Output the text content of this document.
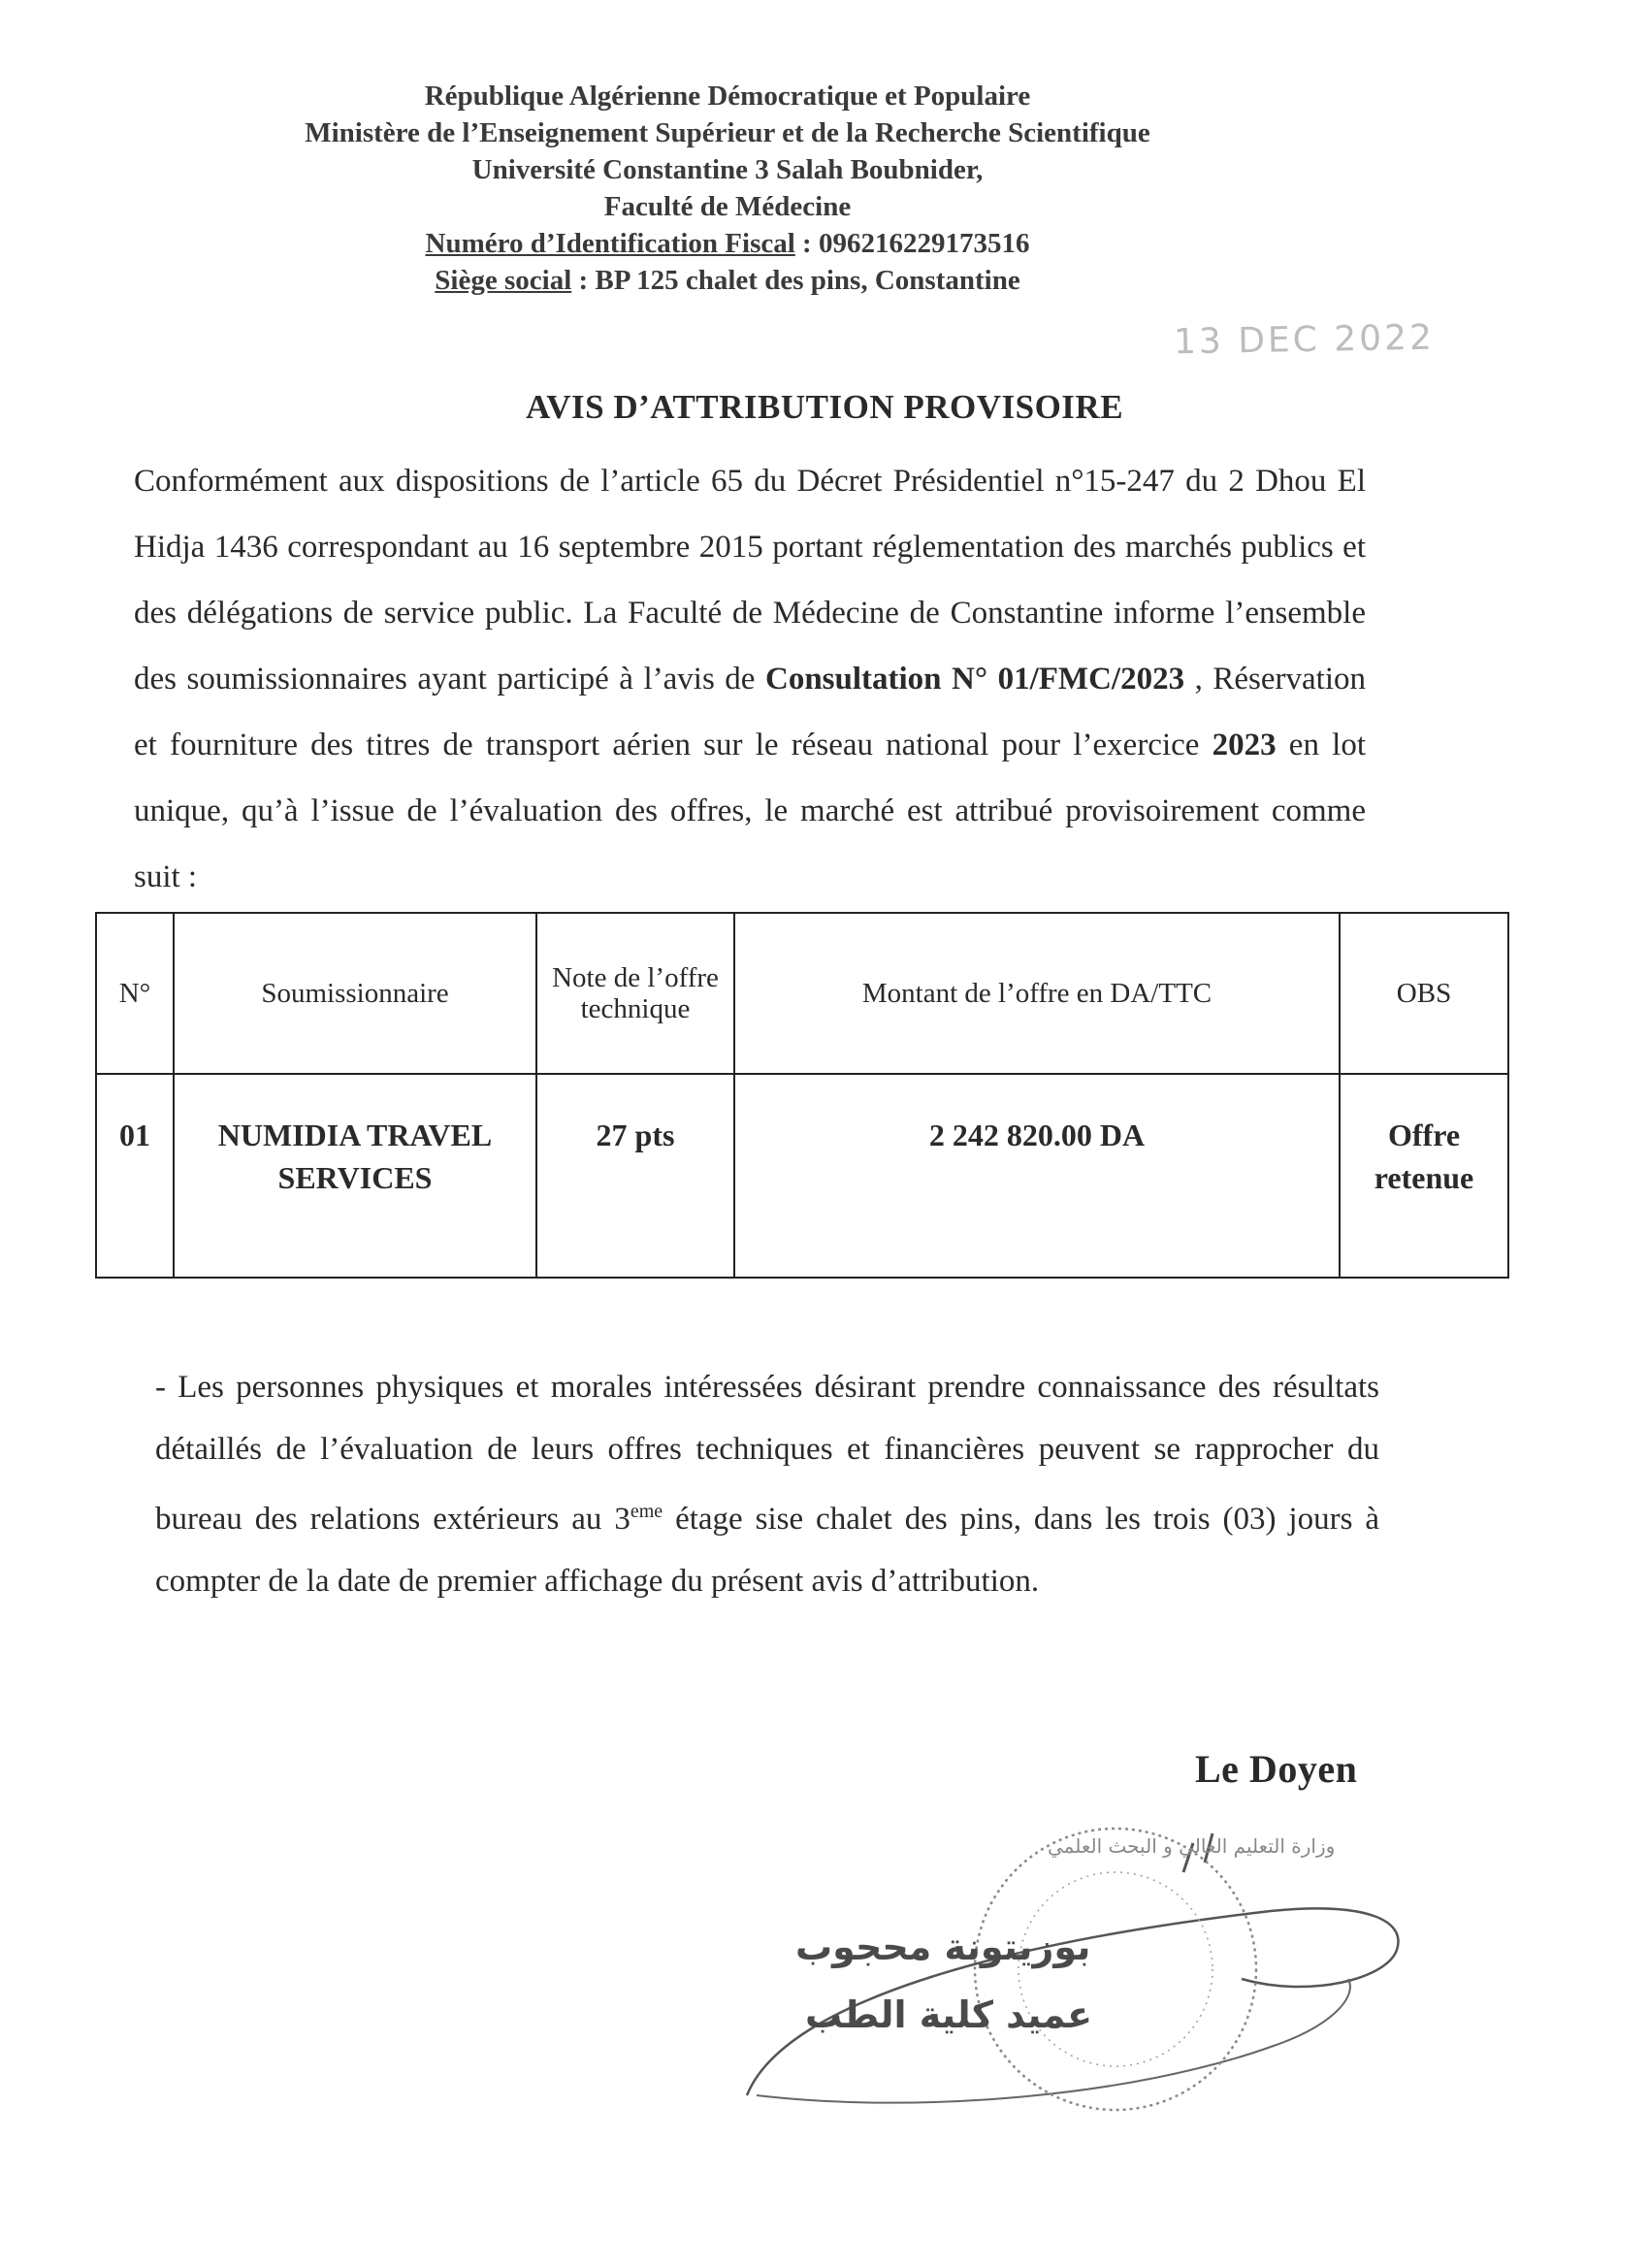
République Algérienne Démocratique et Populaire
Ministère de l’Enseignement Supérieur et de la Recherche Scientifique
Université Constantine 3 Salah Boubnider,
Faculté de Médecine
Numéro d’Identification Fiscal : 096216229173516
Siège social : BP 125 chalet des pins, Constantine
13 DEC 2022
AVIS D’ATTRIBUTION PROVISOIRE
Conformément aux dispositions de l’article 65 du Décret Présidentiel n°15-247 du 2 Dhou El Hidja 1436 correspondant au 16 septembre 2015 portant réglementation des marchés publics et des délégations de service public. La Faculté de Médecine de Constantine informe l’ensemble des soumissionnaires ayant participé à l’avis de Consultation N° 01/FMC/2023 , Réservation et fourniture des titres de transport aérien sur le réseau national pour l’exercice 2023 en lot unique, qu’à l’issue de l’évaluation des offres, le marché est attribué provisoirement comme suit :
N°	Soumissionnaire	Note de l’offre technique	Montant de l’offre en DA/TTC	OBS
01	NUMIDIA TRAVEL SERVICES	27 pts	2 242 820.00 DA	Offre retenue
- Les personnes physiques et morales intéressées désirant prendre connaissance des résultats détaillés de l’évaluation de leurs offres techniques et financières peuvent se rapprocher du bureau des relations extérieurs au 3eme étage sise chalet des pins, dans les trois (03) jours à compter de la date de premier affichage du présent avis d’attribution.
Le Doyen
وزارة التعليم العالي و البحث العلمي
بوزيتونة محجوب
عميد كلية الطب
